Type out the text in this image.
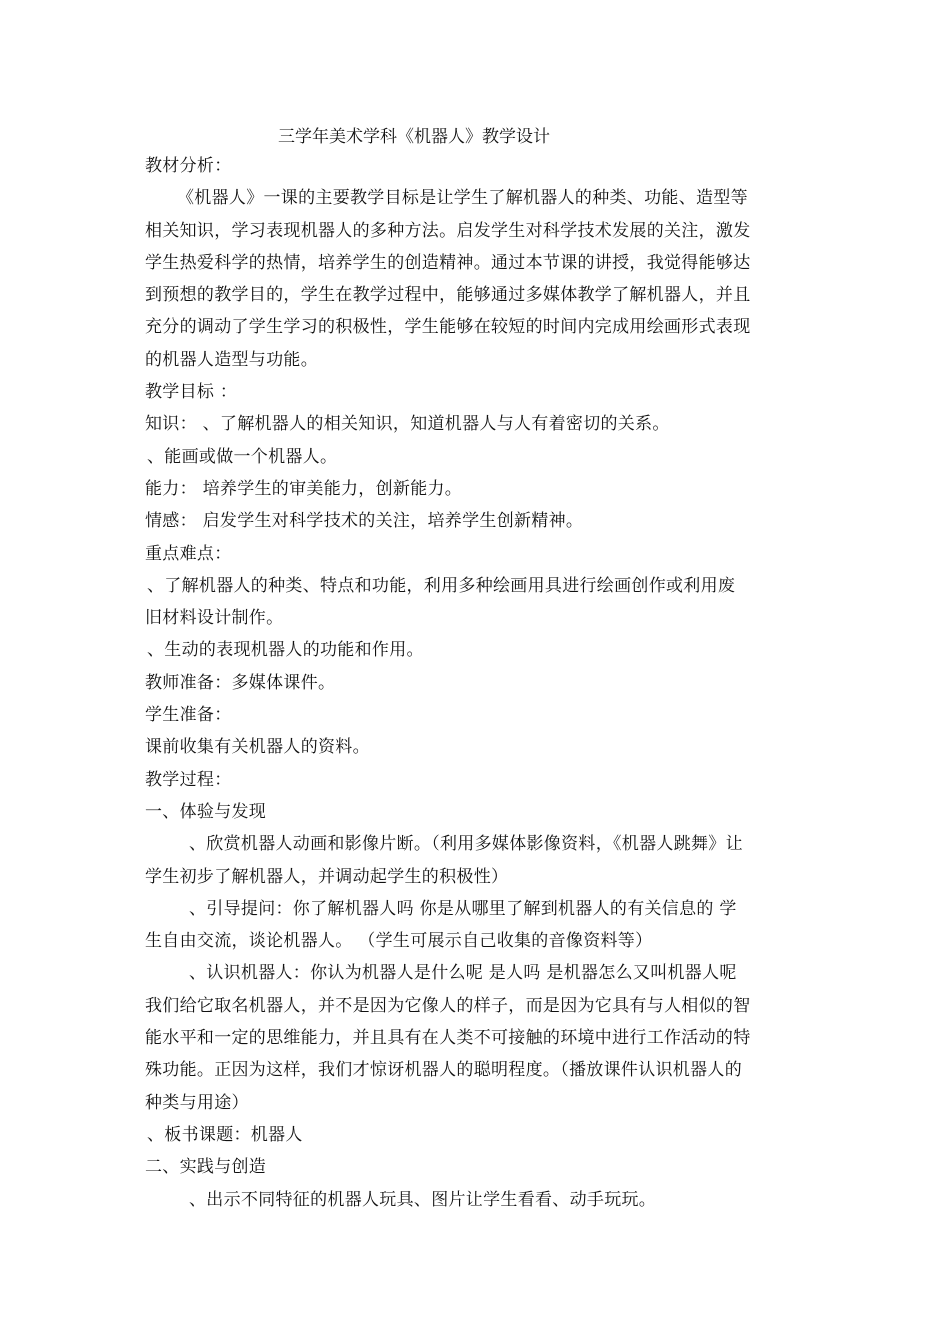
三学年美术学科《机器人》教学设计
教材分析：
《机器人》一课的主要教学目标是让学生了解机器人的种类、功能、造型等
相关知识，学习表现机器人的多种方法。启发学生对科学技术发展的关注，激发
学生热爱科学的热情，培养学生的创造精神。通过本节课的讲授，我觉得能够达
到预想的教学目的，学生在教学过程中，能够通过多媒体教学了解机器人，并且
充分的调动了学生学习的积极性，学生能够在较短的时间内完成用绘画形式表现
的机器人造型与功能。
教学目标 ：
知识： 、了解机器人的相关知识，知道机器人与人有着密切的关系。
、能画或做一个机器人。
能力： 培养学生的审美能力，创新能力。
情感： 启发学生对科学技术的关注，培养学生创新精神。
重点难点：
、了解机器人的种类、特点和功能，利用多种绘画用具进行绘画创作或利用废
旧材料设计制作。
、生动的表现机器人的功能和作用。
教师准备：多媒体课件。
学生准备：
课前收集有关机器人的资料。
教学过程：
一、体验与发现
、欣赏机器人动画和影像片断。（利用多媒体影像资料，《机器人跳舞》让
学生初步了解机器人，并调动起学生的积极性）
、引导提问：你了解机器人吗 你是从哪里了解到机器人的有关信息的 学
生自由交流，谈论机器人。 （学生可展示自己收集的音像资料等）
、认识机器人：你认为机器人是什么呢 是人吗 是机器怎么又叫机器人呢
我们给它取名机器人，并不是因为它像人的样子，而是因为它具有与人相似的智
能水平和一定的思维能力，并且具有在人类不可接触的环境中进行工作活动的特
殊功能。正因为这样，我们才惊讶机器人的聪明程度。（播放课件认识机器人的
种类与用途）
、板书课题：机器人
二、实践与创造
、出示不同特征的机器人玩具、图片让学生看看、动手玩玩。
